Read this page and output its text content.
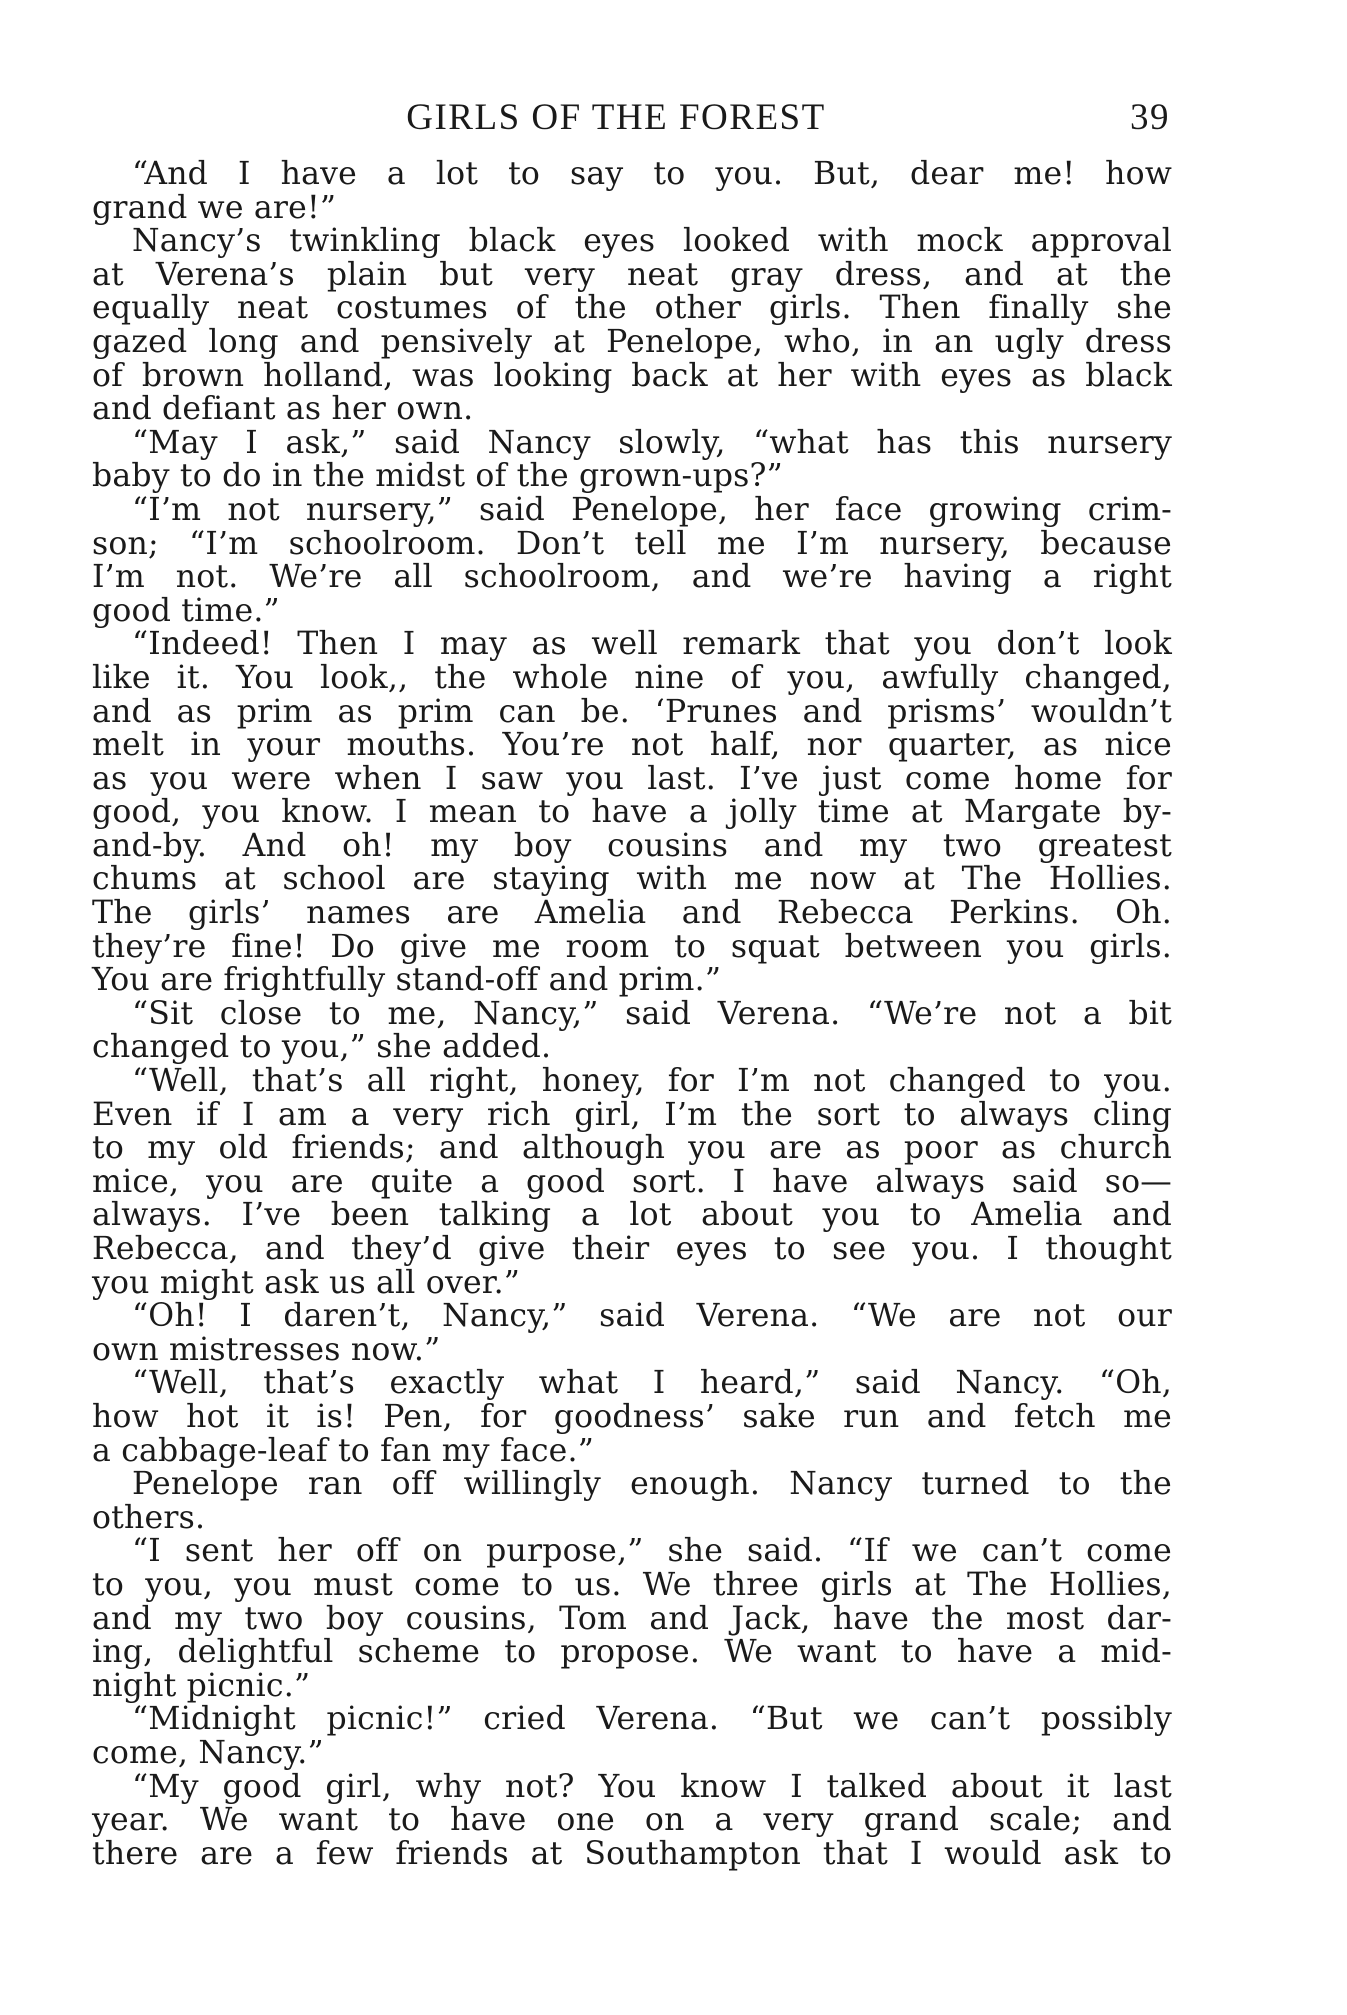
GIRLS OF THE FOREST	39
“And I have a lot to say to you. But, dear me! how
grand we are!”
Nancy’s twinkling black eyes looked with mock approval
at Verena’s plain but very neat gray dress, and at the
equally neat costumes of the other girls. Then finally she
gazed long and pensively at Penelope, who, in an ugly dress
of brown holland, was looking back at her with eyes as black
and defiant as her own.
“May I ask,” said Nancy slowly, “what has this nursery
baby to do in the midst of the grown-ups?”
“I’m not nursery,” said Penelope, her face growing crim-
son; “I’m schoolroom. Don’t tell me I’m nursery, because
I’m not. We’re all schoolroom, and we’re having a right
good time.”
“Indeed! Then I may as well remark that you don’t look
like it. You look,, the whole nine of you, awfully changed,
and as prim as prim can be. ‘Prunes and prisms’ wouldn’t
melt in your mouths. You’re not half, nor quarter, as nice
as you were when I saw you last. I’ve just come home for
good, you know. I mean to have a jolly time at Margate by-
and-by. And oh! my boy cousins and my two greatest
chums at school are staying with me now at The Hollies.
The girls’ names are Amelia and Rebecca Perkins. Oh.
they’re fine! Do give me room to squat between you girls.
You are frightfully stand-off and prim.”
“Sit close to me, Nancy,” said Verena. “We’re not a bit
changed to you,” she added.
“Well, that’s all right, honey, for I’m not changed to you.
Even if I am a very rich girl, I’m the sort to always cling
to my old friends; and although you are as poor as church
mice, you are quite a good sort. I have always said so—
always. I’ve been talking a lot about you to Amelia and
Rebecca, and they’d give their eyes to see you. I thought
you might ask us all over.”
“Oh! I daren’t, Nancy,” said Verena. “We are not our
own mistresses now.”
“Well, that’s exactly what I heard,” said Nancy. “Oh,
how hot it is! Pen, for goodness’ sake run and fetch me
a cabbage-leaf to fan my face.”
Penelope ran off willingly enough. Nancy turned to the
others.
“I sent her off on purpose,” she said. “If we can’t come
to you, you must come to us. We three girls at The Hollies,
and my two boy cousins, Tom and Jack, have the most dar-
ing, delightful scheme to propose. We want to have a mid-
night picnic.”
“Midnight picnic!” cried Verena. “But we can’t possibly
come, Nancy.”
“My good girl, why not? You know I talked about it last
year. We want to have one on a very grand scale; and
there are a few friends at Southampton that I would ask to
